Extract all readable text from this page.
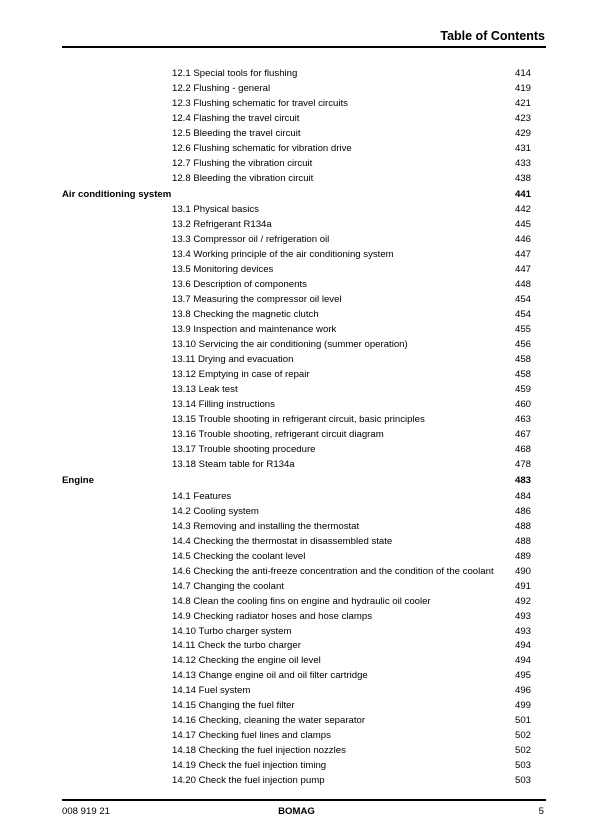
Table of Contents
12.1 Special tools for flushing	414
12.2 Flushing - general	419
12.3 Flushing schematic for travel circuits	421
12.4 Flashing the travel circuit	423
12.5 Bleeding the travel circuit	429
12.6 Flushing schematic for vibration drive	431
12.7 Flushing the vibration circuit	433
12.8 Bleeding the vibration circuit	438
Air conditioning system	441
13.1 Physical basics	442
13.2 Refrigerant R134a	445
13.3 Compressor oil / refrigeration oil	446
13.4 Working principle of the air conditioning system	447
13.5 Monitoring devices	447
13.6 Description of components	448
13.7 Measuring the compressor oil level	454
13.8 Checking the magnetic clutch	454
13.9 Inspection and maintenance work	455
13.10 Servicing the air conditioning (summer operation)	456
13.11 Drying and evacuation	458
13.12 Emptying in case of repair	458
13.13 Leak test	459
13.14 Filling instructions	460
13.15 Trouble shooting in refrigerant circuit, basic principles	463
13.16 Trouble shooting, refrigerant circuit diagram	467
13.17 Trouble shooting procedure	468
13.18 Steam table for R134a	478
Engine	483
14.1 Features	484
14.2 Cooling system	486
14.3 Removing and installing the thermostat	488
14.4 Checking the thermostat in disassembled state	488
14.5 Checking the coolant level	489
14.6 Checking the anti-freeze concentration and the condition of the coolant 490
14.7 Changing the coolant	491
14.8 Clean the cooling fins on engine and hydraulic oil cooler	492
14.9 Checking radiator hoses and hose clamps	493
14.10 Turbo charger system	493
14.11 Check the turbo charger	494
14.12 Checking the engine oil level	494
14.13 Change engine oil and oil filter cartridge	495
14.14 Fuel system	496
14.15 Changing the fuel filter	499
14.16 Checking, cleaning the water separator	501
14.17 Checking fuel lines and clamps	502
14.18 Checking the fuel injection nozzles	502
14.19 Check the fuel injection timing	503
14.20 Check the fuel injection pump	503
008 919 21	BOMAG	5
